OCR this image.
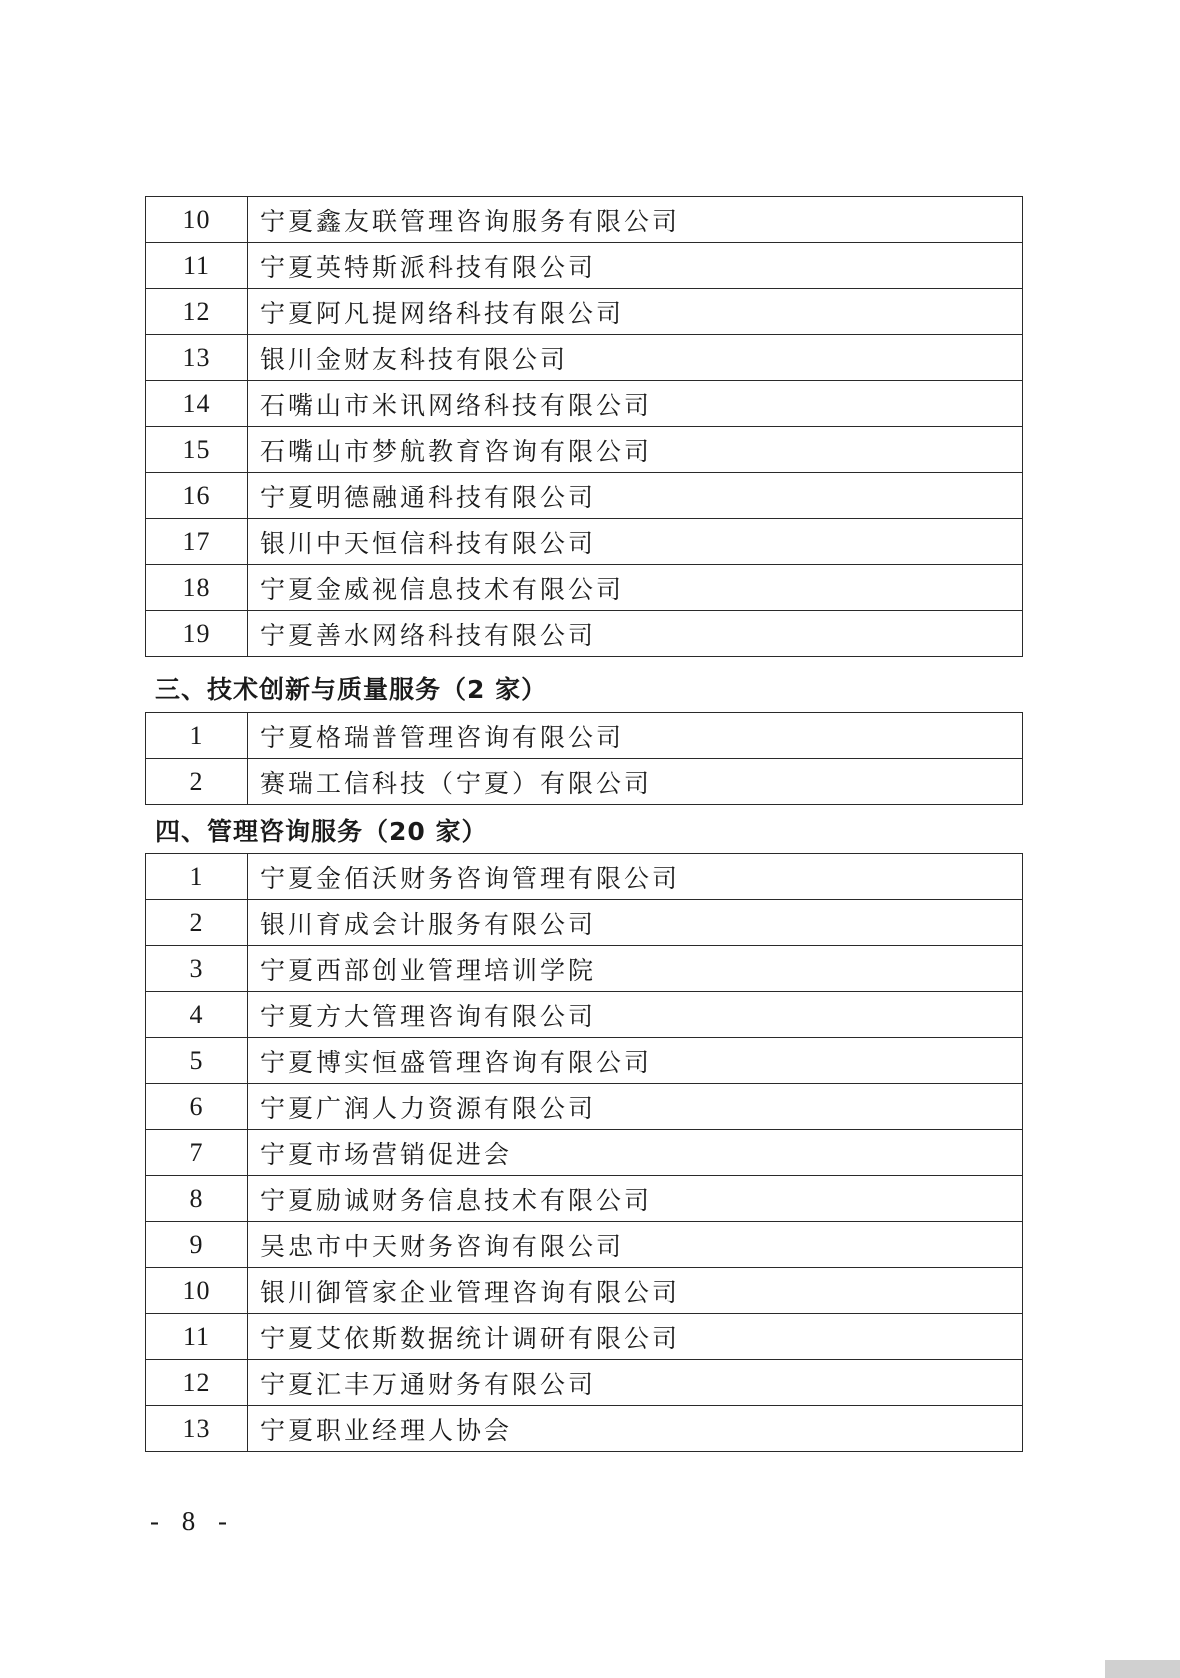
10	宁夏鑫友联管理咨询服务有限公司
11	宁夏英特斯派科技有限公司
12	宁夏阿凡提网络科技有限公司
13	银川金财友科技有限公司
14	石嘴山市米讯网络科技有限公司
15	石嘴山市梦航教育咨询有限公司
16	宁夏明德融通科技有限公司
17	银川中天恒信科技有限公司
18	宁夏金威视信息技术有限公司
19	宁夏善水网络科技有限公司
三、技术创新与质量服务（2 家）
1	宁夏格瑞普管理咨询有限公司
2	赛瑞工信科技（宁夏）有限公司
四、管理咨询服务（20 家）
1	宁夏金佰沃财务咨询管理有限公司
2	银川育成会计服务有限公司
3	宁夏西部创业管理培训学院
4	宁夏方大管理咨询有限公司
5	宁夏博实恒盛管理咨询有限公司
6	宁夏广润人力资源有限公司
7	宁夏市场营销促进会
8	宁夏励诚财务信息技术有限公司
9	吴忠市中天财务咨询有限公司
10	银川御管家企业管理咨询有限公司
11	宁夏艾依斯数据统计调研有限公司
12	宁夏汇丰万通财务有限公司
13	宁夏职业经理人协会
- 8 -
